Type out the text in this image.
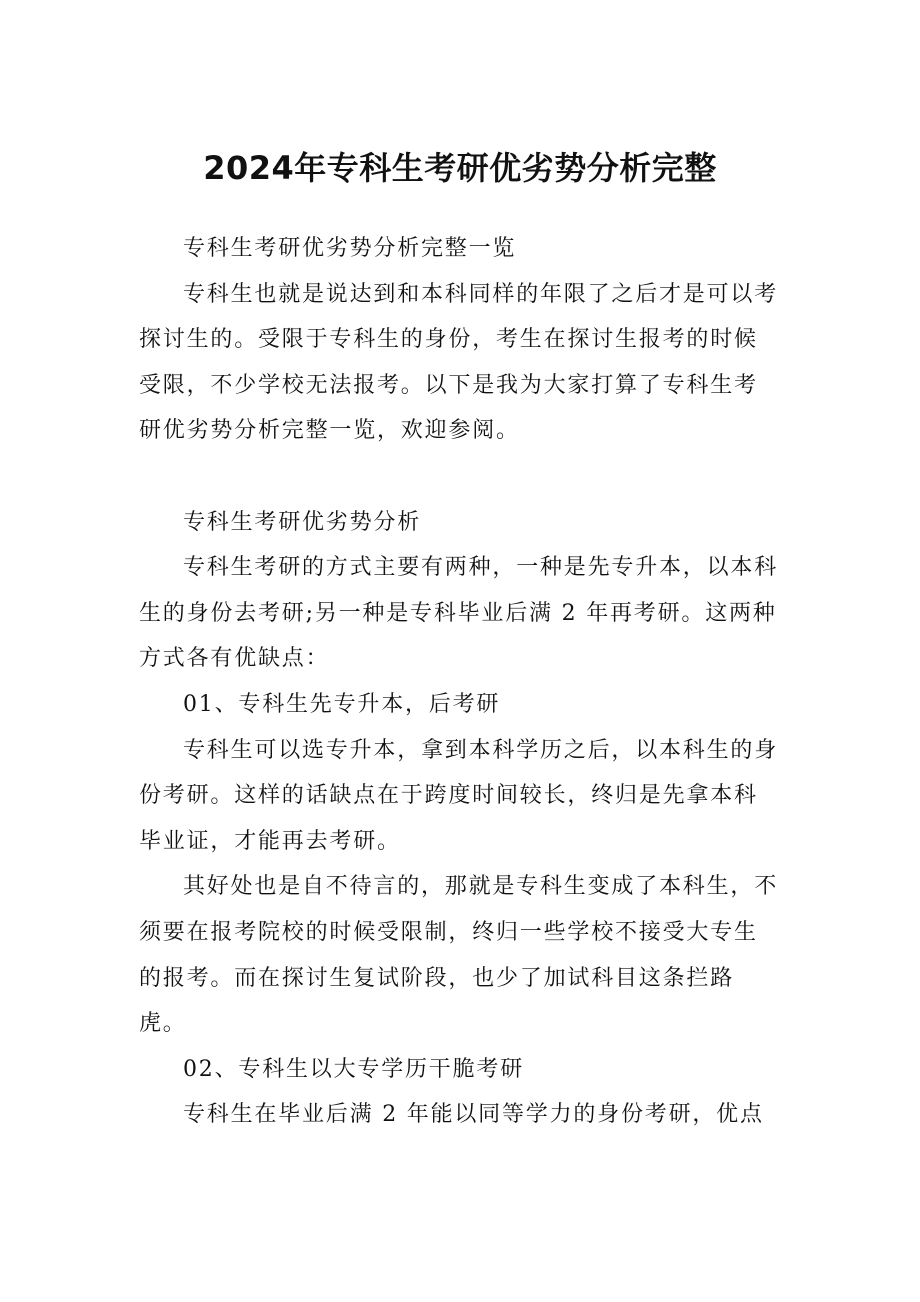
2024年专科生考研优劣势分析完整

专科生考研优劣势分析完整一览

专科生也就是说达到和本科同样的年限了之后才是可以考探讨生的。受限于专科生的身份，考生在探讨生报考的时候受限，不少学校无法报考。以下是我为大家打算了专科生考研优劣势分析完整一览，欢迎参阅。

专科生考研优劣势分析

专科生考研的方式主要有两种，一种是先专升本，以本科生的身份去考研;另一种是专科毕业后满 2 年再考研。这两种方式各有优缺点：

01、专科生先专升本，后考研

专科生可以选专升本，拿到本科学历之后，以本科生的身份考研。这样的话缺点在于跨度时间较长，终归是先拿本科毕业证，才能再去考研。

其好处也是自不待言的，那就是专科生变成了本科生，不须要在报考院校的时候受限制，终归一些学校不接受大专生的报考。而在探讨生复试阶段，也少了加试科目这条拦路虎。

02、专科生以大专学历干脆考研

专科生在毕业后满 2 年能以同等学力的身份考研，优点
